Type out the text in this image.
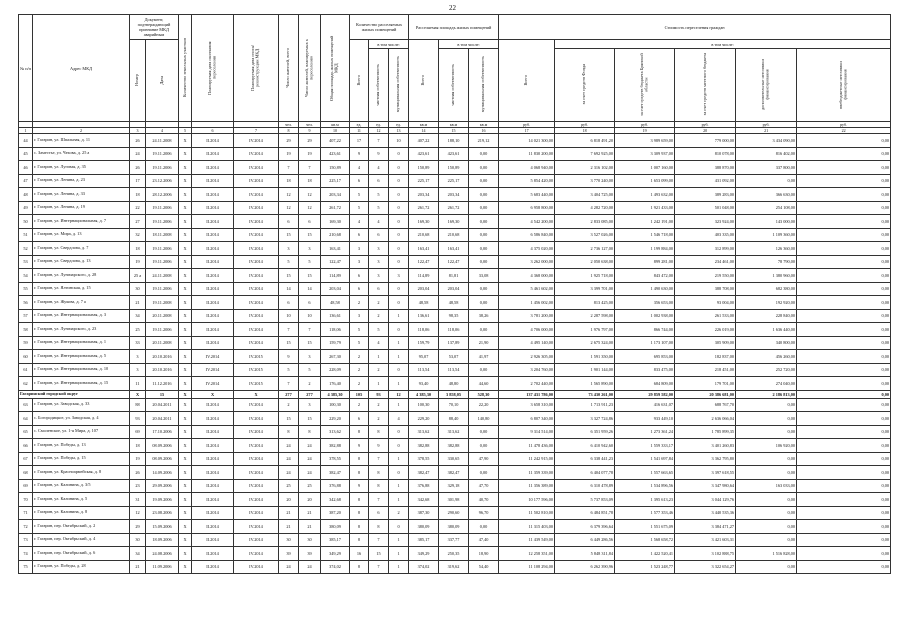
22
№ п/п	Адрес МКД	Документ, подтверждающий признание МКД аварийным		Количество земельных участков	Планируемая дата окончания переселения	Планируемая дата сноса/реконструкции МКД	Число жителей, всего	Число жителей, планируемых к переселению	Общая площадь жилых помещений МКД	Количество расселяемых жилых помещений			Расселяемая площадь жилых помещений			Стоимость переселения граждан					
		Номер	Дата							Всего	в том числе:		Всего	в том числе:		Всего	в том числе:				
											частная собственность	муниципальная собственность		частная собственность	муниципальная собственность		за счет средств Фонда	за счет средств бюджета Брянской области	за счет средств местного бюджета	дополнительные источники финансирования	внебюджетные источники финансирования
							чел.	чел.	кв.м	ед.	ед.	ед.	кв.м	кв.м	кв.м	руб.	руб.	руб.	руб.	руб.	руб.
1	2	3	4	5	6	7	8	9	10	11	12	13	14	15	16	17	18	19	20	21	22
44	г. Гагарин, ул. Шпальная, д. 11	26	24.11.2008	X	II.2014	IV.2014	29	29	407,22	17	7	10	407,22	188,10	219,12	14 021 300,00	6 818 491,20	3 989 659,00	779 000,00	3 434 090,00	0,00
45	с. Заместье, ул. Чехова, д. 25 а	24	19.11.2006	X	II.2014	IV.2014	19	19	423,61	9	9	0	423,61	423,61	0,00	11 830 200,00	7 692 925,00	3 309 937,00	810 078,00	816 402,00	0,00
46	г. Гагарин, ул. Луговая, д. 35	26	19.11.2006	X	II.2014	IV.2014	7	7	150,89	4	4	0	150,89	150,89	0,00	4 068 940,00	2 316 102,00	1 007 160,00	388 870,00	337 800,00	0,00
47	г. Гагарин, ул. Ленина, д. 23	17	23.12.2006	X	II.2014	IV.2014	18	18	225,17	6	6	0	225,17	225,17	0,00	5 854 420,00	3 770 240,00	1 653 099,00	431 092,00	0,00	0,00
48	г. Гагарин, ул. Ленина, д. 33	18	28.12.2006	X	II.2014	IV.2014	12	12	203,34	5	5	0	203,34	203,34	0,00	5 683 440,00	3 404 725,00	1 493 632,00	389 283,00	366 630,00	0,00
49	г. Гагарин, ул. Ленина, д. 19	22	19.11.2006	X	II.2014	IV.2014	12	12	261,72	5	5	0	261,72	261,72	0,00	6 958 800,00	4 282 720,00	1 921 433,00	501 048,00	254 108,00	0,00
50	г. Гагарин, ул. Интернациональная, д. 7	27	19.11.2006	X	II.2014	IV.2014	6	6	169,30	4	4	0	169,30	169,30	0,00	4 542 200,00	2 833 085,00	1 242 191,00	323 924,00	143 000,00	0,00
51	г. Гагарин, ул. Мира, д. 13	32	18.11.2008	X	II.2014	IV.2014	15	15	210,68	6	6	0	210,68	210,68	0,00	6 586 840,00	3 527 026,00	1 546 718,00	403 335,00	1 109 360,00	0,00
52	г. Гагарин, ул. Свердлова, д. 7	18	19.11.2006	X	II.2014	IV.2014	3	3	163,41	3	3	0	163,41	163,41	0,00	4 375 020,00	2 736 127,00	1 199 884,00	312 899,00	126 360,00	0,00
53	г. Гагарин, ул. Свердлова, д. 13	19	19.11.2006	X	II.2014	IV.2014	5	5	122,47	3	3	0	122,47	122,47	0,00	3 262 000,00	2 050 638,00	899 281,00	234 461,00	78 790,00	0,00
54	г. Гагарин, ул. Луначарского, д. 28	25 а	24.11.2008	X	II.2014	IV.2014	15	15	114,89	6	3	3	114,89	81,81	33,08	4 368 000,00	1 925 718,00	843 472,00	219 550,00	1 380 960,00	0,00
55	г. Гагарин, ул. Ялтинская, д. 15	30	19.11.2006	X	II.2014	IV.2014	14	14	203,04	6	6	0	203,04	203,04	0,00	5 461 602,00	3 399 701,00	1 490 630,00	388 708,00	682 380,00	0,00
56	г. Гагарин, ул. Жукова, д. 7 а	21	19.11.2008	X	II.2014	IV.2014	6	6	48,58	2	2	0	48,58	48,58	0,00	1 456 002,00	813 425,00	356 653,00	93 004,00	192 920,00	0,00
57	г. Гагарин, ул. Интернациональная, д. 3	34	20.11.2008	X	II.2014	IV.2014	10	10	136,61	3	2	1	136,61	98,35	38,26	3 781 200,00	2 287 598,00	1 002 938,00	261 533,00	228 840,00	0,00
58	г. Гагарин, ул. Луначарского, д. 23	25	19.11.2006	X	II.2014	IV.2014	7	7	118,06	5	5	0	118,06	118,06	0,00	4 706 000,00	1 976 797,00	866 744,00	226 019,00	1 636 440,00	0,00
59	г. Гагарин, ул. Интернациональная, д. 1	33	20.11.2008	X	II.2014	IV.2014	15	15	159,79	5	4	1	159,79	137,89	21,90	4 495 140,00	2 675 324,00	1 173 107,00	305 909,00	340 800,00	0,00
60	г. Гагарин, ул. Интернациональная, д. 5	3	20.10.2016	X	IV.2014	IV.2015	9	3	267,30	2	1	1	95,07	53,07	41,97	2 926 305,00	1 591 350,00	695 853,00	182 837,00	456 260,00	0,00
61	г. Гагарин, ул. Интернациональная, д. 10	3	20.10.2016	X	IV.2014	IV.2015	5	5	228,09	2	2	0	113,54	113,54	0,00	3 204 760,00	1 901 144,00	833 475,00	218 451,00	252 720,00	0,00
62	г. Гагарин, ул. Интернациональная, д. 15	11	11.12.2016	X	IV.2014	IV.2015	7	2	176,40	2	1	1	93,40	48,80	44,60	2 702 440,00	1 565 890,00	684 809,00	179 701,00	274 040,00	0,00
Гагаринский городской округ		X	15	X	X	X	277	277	4 385,30	105	93	12	4 385,30	3 858,05	528,30	137 431 786,00	73 430 261,00	29 859 582,00	20 386 681,00	2 186 813,00	0,00
63	г. Гагарин, ул. Заводская, д. 33	88	20.04.2011	X	II.2014	IV.2014	2	3	100,30	2	2	1	100,30	70,10	22,20	3 658 310,00	1 713 911,23	416 631,07	688 767,70	0,00	0,00
64	с. Богородицкое, ул. Заводская, д. 4	93	20.04.2011	X	II.2014	IV.2014	15	15	229,20	6	2	4	229,20	88,40	140,80	6 807 340,00	3 327 724,86	933 449,10	2 636 066,04	0,00	0,00
65	с. Смоленское, ул. 1-я Мира, д. 107	69	17.10.2006	X	II.2014	IV.2014	8	8	313,62	8	8	0	313,62	313,62	0,00	9 314 514,00	6 351 959,26	1 273 361,24	1 785 899,35	0,00	0,00
66	г. Гагарин, ул. Победы, д. 13	18	08.09.2006	X	II.2014	IV.2014	24	24	382,88	9	9	0	382,88	382,88	0,00	11 478 436,00	6 410 942,60	1 559 333,17	3 401 260,83	106 920,00	0,00
67	г. Гагарин, ул. Победы, д. 15	19	08.09.2006	X	II.2014	IV.2014	24	24	378,55	8	7	1	378,55	330,65	47,90	11 242 915,00	6 338 441,23	1 541 697,84	3 362 795,80	0,00	0,00
68	г. Гагарин, ул. Красноармейская, д. 8	26	14.09.2006	X	II.2014	IV.2014	24	24	382,47	8	8	0	382,47	382,47	0,00	11 359 339,00	6 404 077,78	1 557 663,65	3 397 618,55	0,00	0,00
69	г. Гагарин, ул. Калинина, д. 3/5	23	29.09.2006	X	II.2014	IV.2014	25	25	376,88	9	8	1	376,88	329,18	47,70	11 356 389,00	6 310 478,89	1 534 896,56	3 347 980,64	163 033,00	0,00
70	г. Гагарин, ул. Калинина, д. 5	31	19.09.2006	X	II.2014	IV.2014	20	20	342,68	8	7	1	342,68	301,98	40,70	10 177 596,00	5 737 853,09	1 395 613,23	3 044 129,76	0,00	0,00
71	г. Гагарин, ул. Калинина, д. 8	12	23.08.2006	X	II.2014	IV.2014	21	21	387,20	8	6	2	387,30	290,60	96,70	11 502 810,00	6 484 851,78	1 577 353,46	3 440 535,36	0,00	0,00
72	г. Гагарин, пер. Октябрьский, д. 2	29	15.09.2006	X	II.2014	IV.2014	21	21	380,09	8	8	0	380,09	380,09	0,00	11 315 403,00	6 379 396,64	1 551 675,09	3 384 471,27	0,00	0,00
73	г. Гагарин, пер. Октябрьский, д. 4	30	18.09.2006	X	II.2014	IV.2014	30	30	385,17	8	7	1	385,17	337,77	47,40	11 439 549,00	6 449 286,56	1 568 658,72	3 421 603,31	0,00	0,00
74	г. Гагарин, пер. Октябрьский, д. 6	34	24.08.2006	X	II.2014	IV.2014	39	39	349,29	16	15	1	349,29	250,35	18,90	12 258 351,00	5 848 311,84	1 422 520,41	3 102 888,75	1 516 828,00	0,00
75	г. Гагарин, ул. Победы, д. 28	21	11.09.2006	X	II.2014	IV.2014	24	24	374,02	8	7	1	374,02	319,62	54,40	11 108 294,00	6 262 390,96	1 523 248,77	3 322 654,27	0,00	0,00
